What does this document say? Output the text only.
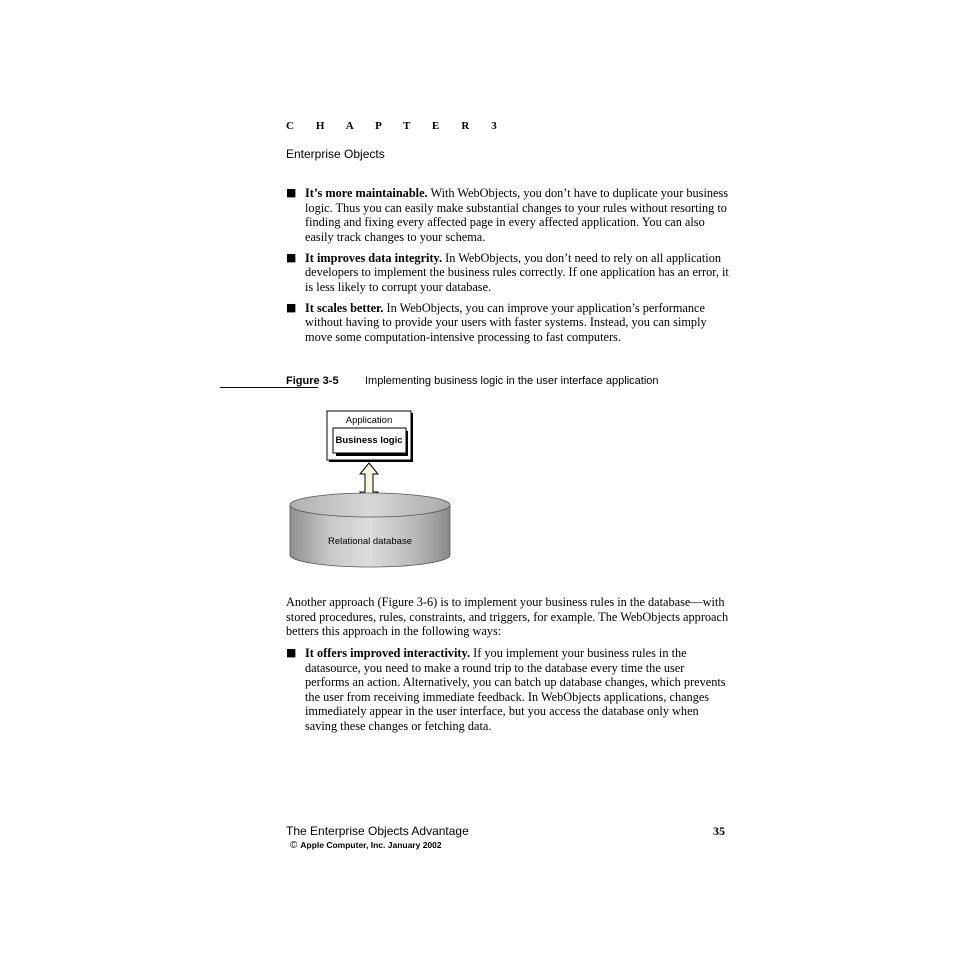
C H A P T E R 3
Enterprise Objects
■ It’s more maintainable. With WebObjects, you don’t have to duplicate your business logic. Thus you can easily make substantial changes to your rules without resorting to finding and fixing every affected page in every affected application. You can also easily track changes to your schema.
■ It improves data integrity. In WebObjects, you don’t need to rely on all application developers to implement the business rules correctly. If one application has an error, it is less likely to corrupt your database.
■ It scales better. In WebObjects, you can improve your application’s performance without having to provide your users with faster systems. Instead, you can simply move some computation-intensive processing to fast computers.
Figure 3-5 Implementing business logic in the user interface application
Application
Business logic
Relational database
Another approach (Figure 3-6) is to implement your business rules in the database—with stored procedures, rules, constraints, and triggers, for example. The WebObjects approach betters this approach in the following ways:
■ It offers improved interactivity. If you implement your business rules in the datasource, you need to make a round trip to the database every time the user performs an action. Alternatively, you can batch up database changes, which prevents the user from receiving immediate feedback. In WebObjects applications, changes immediately appear in the user interface, but you access the database only when saving these changes or fetching data.
The Enterprise Objects Advantage	35
© Apple Computer, Inc. January 2002
